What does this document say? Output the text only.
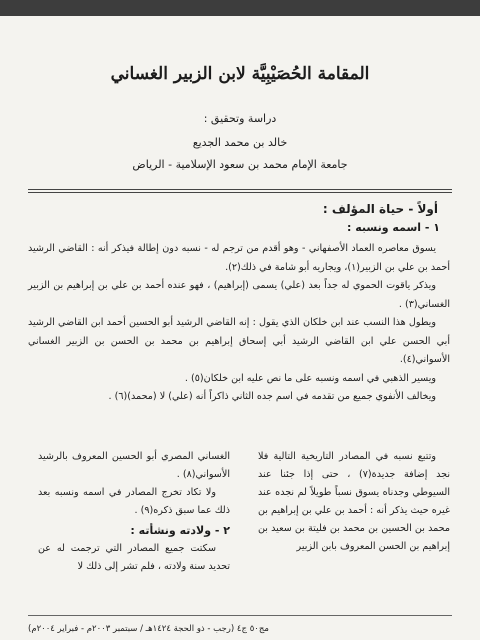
المقامة الحُصَيْبِيَّة لابن الزبير الغساني
دراسة وتحقيق :
خالد بن محمد الجديع
جامعة الإمام محمد بن سعود الإسلامية - الرياض
أولاً - حياة المؤلف :
١ - اسمه ونسبه :

يسوق معاصره العماد الأصفهاني - وهو أقدم من ترجم له - نسبه دون إطالة فيذكر أنه : القاضي الرشيد أحمد بن علي بن الزبير(١)، ويجاريه أبو شامة في ذلك(٢).

ويذكر ياقوت الحموي له جداً بعد (علي) يسمى (إبراهيم) ، فهو عنده أحمد بن علي بن إبراهيم بن الزبير الغساني(٣) .

ويطول هذا النسب عند ابن خلكان الذي يقول : إنه القاضي الرشيد أبو الحسين أحمد ابن القاضي الرشيد أبي الحسن علي ابن القاضي الرشيد أبي إسحاق إبراهيم بن محمد بن الحسن بن الزبير الغساني الأسواني(٤).

ويسير الذهبي في اسمه ونسبه على ما نص عليه ابن خلكان(٥) .

ويخالف الأنفوي جميع من تقدمه في اسم جده الثاني ذاكراً أنه (علي) لا (محمد)(٦) .

وتتبع نسبه في المصادر التاريخية التالية فلا نجد إضافة جديدة(٧) ، حتى إذا جئنا عند السيوطي وجدناه يسوق نسباً طويلاً لم نجده عند غيره حيث يذكر أنه : أحمد بن علي بن إبراهيم بن محمد بن الحسين بن محمد بن فليتة بن سعيد بن إبراهيم بن الحسن المعروف بابن الزبير

الغساني المصري أبو الحسين المعروف بالرشيد الأسواني(٨) .

ولا تكاد تخرج المصادر في اسمه ونسبه بعد ذلك عما سبق ذكره(٩) .

٢ - ولادته ونشأته :

سكتت جميع المصادر التي ترجمت له عن تحديد سنة ولادته ، فلم تشر إلى ذلك لا

مج٥٠ ج٤ (رجب - ذو الحجة ١٤٢٤هـ / سبتمبر ٢٠٠٣م - فبراير ٢٠٠٤م)
